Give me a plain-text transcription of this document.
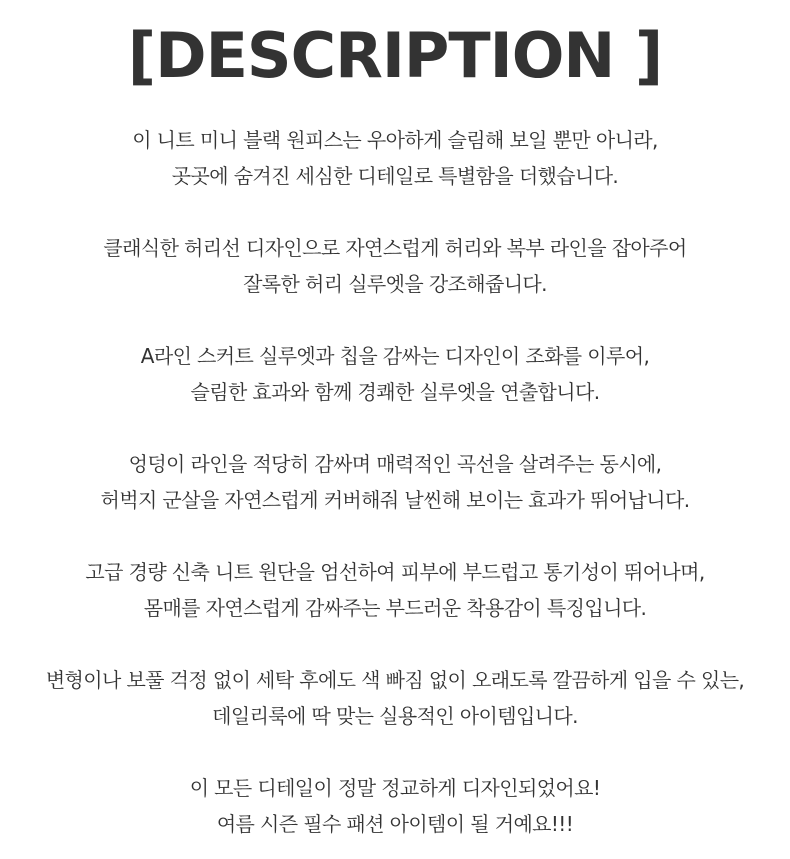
[DESCRIPTION ]
이 니트 미니 블랙 원피스는 우아하게 슬림해 보일 뿐만 아니라,
곳곳에 숨겨진 세심한 디테일로 특별함을 더했습니다.
클래식한 허리선 디자인으로 자연스럽게 허리와 복부 라인을 잡아주어
잘록한 허리 실루엣을 강조해줍니다.
A라인 스커트 실루엣과 칩을 감싸는 디자인이 조화를 이루어,
슬림한 효과와 함께 경쾌한 실루엣을 연출합니다.
엉덩이 라인을 적당히 감싸며 매력적인 곡선을 살려주는 동시에,
허벅지 군살을 자연스럽게 커버해줘 날씬해 보이는 효과가 뛰어납니다.
고급 경량 신축 니트 원단을 엄선하여 피부에 부드럽고 통기성이 뛰어나며,
몸매를 자연스럽게 감싸주는 부드러운 착용감이 특징입니다.
변형이나 보풀 걱정 없이 세탁 후에도 색 빠짐 없이 오래도록 깔끔하게 입을 수 있는,
데일리룩에 딱 맞는 실용적인 아이템입니다.
이 모든 디테일이 정말 정교하게 디자인되었어요!
여름 시즌 필수 패션 아이템이 될 거예요!!!
